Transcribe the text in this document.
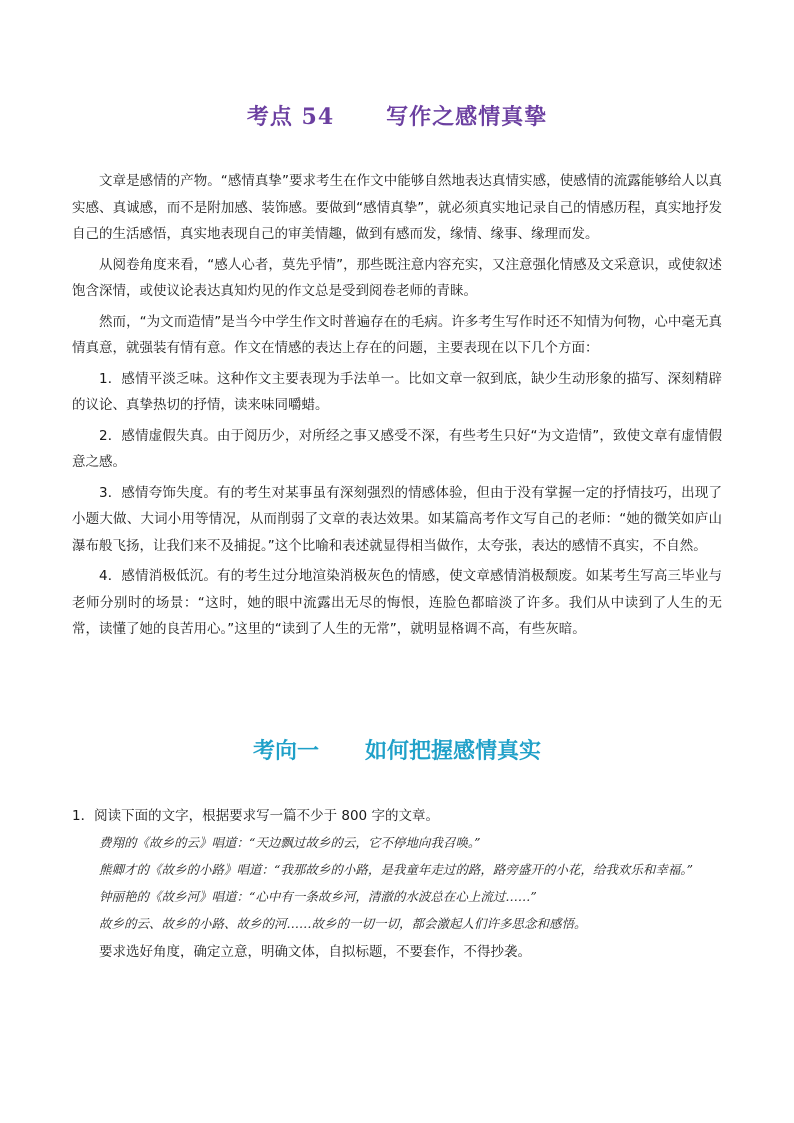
考点 54      写作之感情真挚

文章是感情的产物。“感情真挚”要求考生在作文中能够自然地表达真情实感，使感情的流露能够给人以真实感、真诚感，而不是附加感、装饰感。要做到“感情真挚”，就必须真实地记录自己的情感历程，真实地抒发自己的生活感悟，真实地表现自己的审美情趣，做到有感而发，缘情、缘事、缘理而发。

从阅卷角度来看，“感人心者，莫先乎情”，那些既注意内容充实，又注意强化情感及文采意识，或使叙述饱含深情，或使议论表达真知灼见的作文总是受到阅卷老师的青睐。

然而，“为文而造情”是当今中学生作文时普遍存在的毛病。许多考生写作时还不知情为何物，心中毫无真情真意，就强装有情有意。作文在情感的表达上存在的问题，主要表现在以下几个方面：

1．感情平淡乏味。这种作文主要表现为手法单一。比如文章一叙到底，缺少生动形象的描写、深刻精辟的议论、真挚热切的抒情，读来味同嚼蜡。

2．感情虚假失真。由于阅历少，对所经之事又感受不深，有些考生只好“为文造情”，致使文章有虚情假意之感。

3．感情夸饰失度。有的考生对某事虽有深刻强烈的情感体验，但由于没有掌握一定的抒情技巧，出现了小题大做、大词小用等情况，从而削弱了文章的表达效果。如某篇高考作文写自己的老师：“她的微笑如庐山瀑布般飞扬，让我们来不及捕捉。”这个比喻和表述就显得相当做作，太夸张，表达的感情不真实，不自然。

4．感情消极低沉。有的考生过分地渲染消极灰色的情感，使文章感情消极颓废。如某考生写高三毕业与老师分别时的场景：“这时，她的眼中流露出无尽的悔恨，连脸色都暗淡了许多。我们从中读到了人生的无常，读懂了她的良苦用心。”这里的“读到了人生的无常”，就明显格调不高，有些灰暗。

考向一      如何把握感情真实

1．阅读下面的文字，根据要求写一篇不少于 800 字的文章。

费翔的《故乡的云》唱道：“天边飘过故乡的云，它不停地向我召唤。”

熊卿才的《故乡的小路》唱道：“我那故乡的小路，是我童年走过的路，路旁盛开的小花，给我欢乐和幸福。”

钟丽艳的《故乡河》唱道：“心中有一条故乡河，清澈的水波总在心上流过……”

故乡的云、故乡的小路、故乡的河……故乡的一切一切，都会激起人们许多思念和感悟。

要求选好角度，确定立意，明确文体，自拟标题，不要套作，不得抄袭。
